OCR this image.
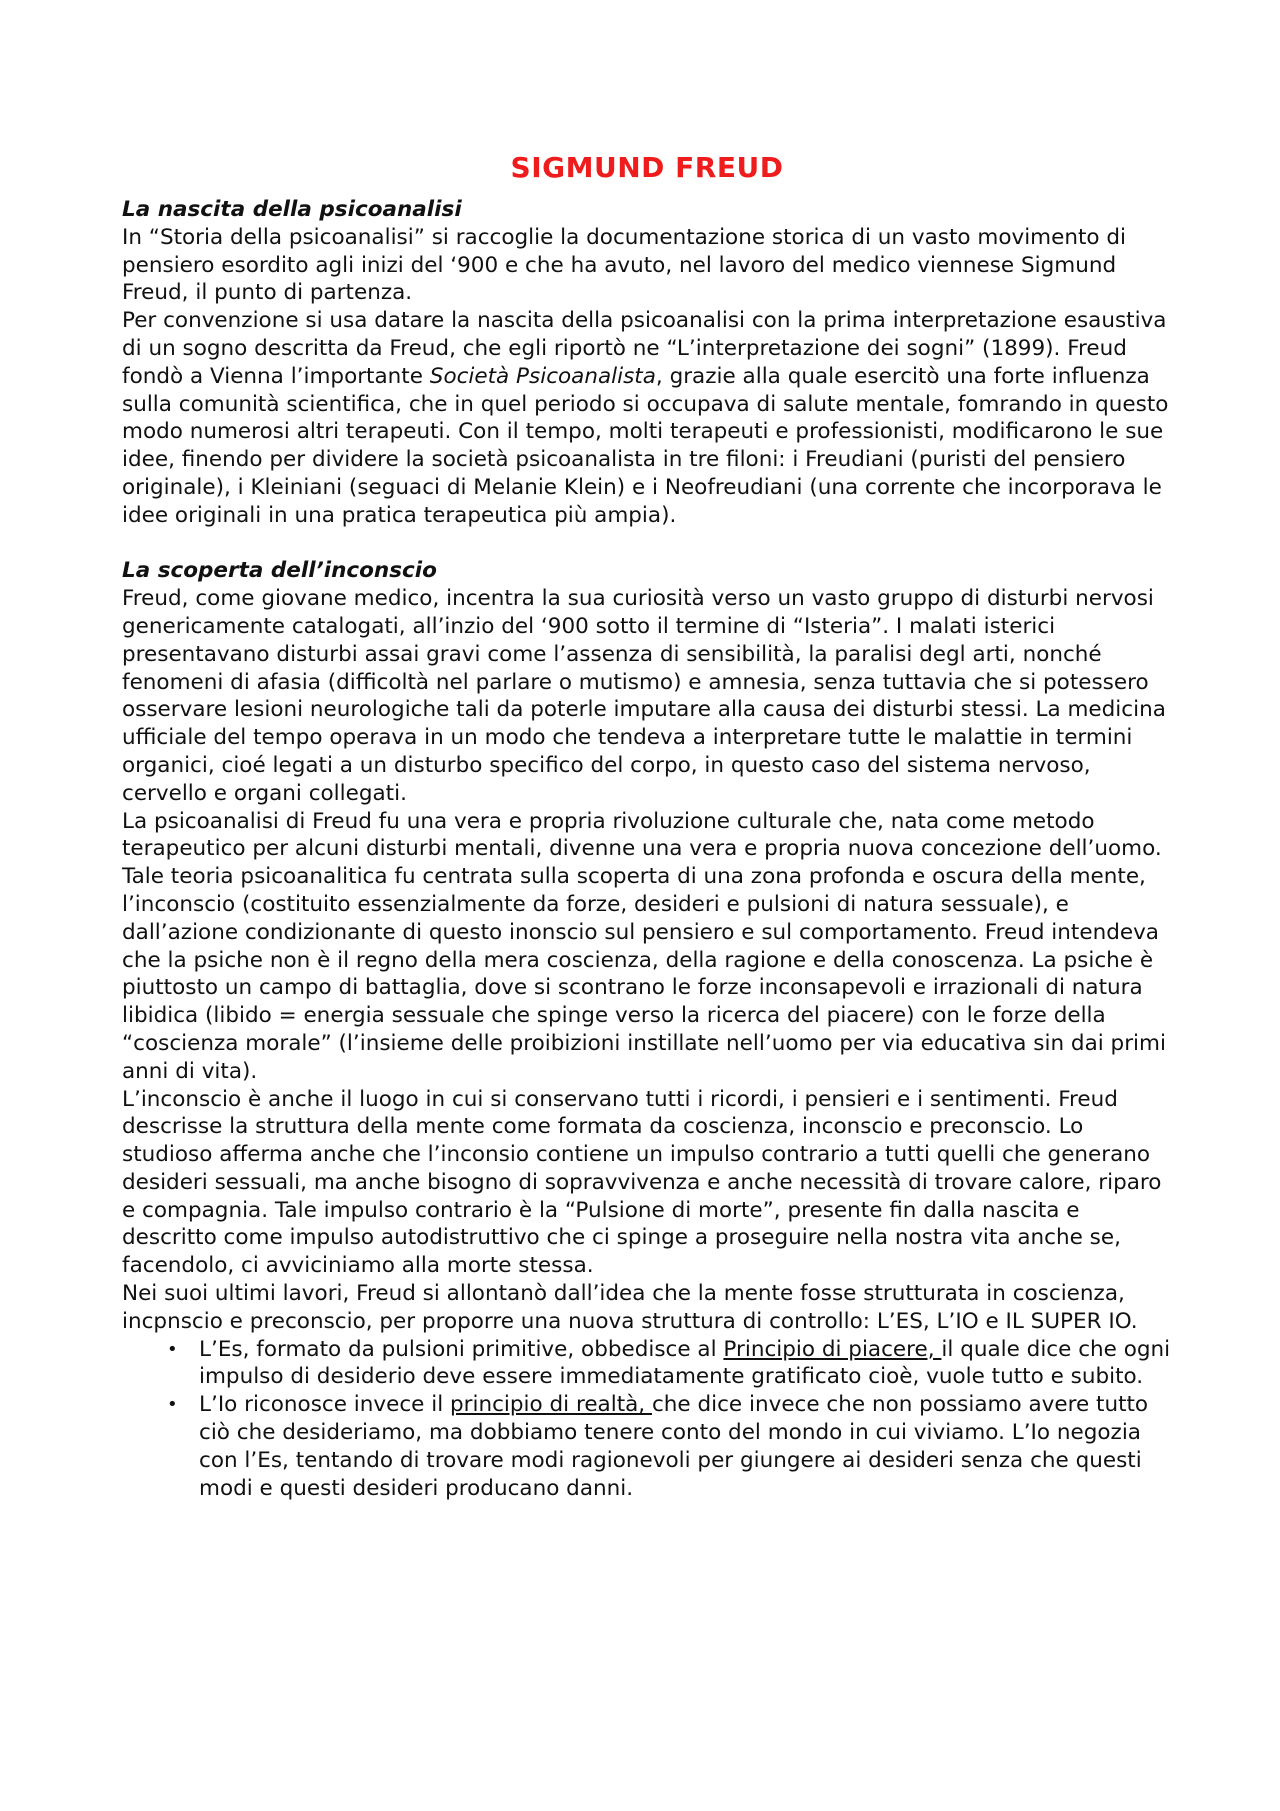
SIGMUND FREUD
La nascita della psicoanalisi

In “Storia della psicoanalisi” si raccoglie la documentazione storica di un vasto movimento di pensiero esordito agli inizi del ‘900 e che ha avuto, nel lavoro del medico viennese Sigmund Freud, il punto di partenza.

Per convenzione si usa datare la nascita della psicoanalisi con la prima interpretazione esaustiva di un sogno descritta da Freud, che egli riportò ne “L’interpretazione dei sogni” (1899). Freud fondò a Vienna l’importante Società Psicoanalista, grazie alla quale esercitò una forte influenza sulla comunità scientifica, che in quel periodo si occupava di salute mentale, fomrando in questo modo numerosi altri terapeuti. Con il tempo, molti terapeuti e professionisti, modificarono le sue idee, finendo per dividere la società psicoanalista in tre filoni: i Freudiani (puristi del pensiero originale), i Kleiniani (seguaci di Melanie Klein) e i Neofreudiani (una corrente che incorporava le idee originali in una pratica terapeutica più ampia).

La scoperta dell’inconscio

Freud, come giovane medico, incentra la sua curiosità verso un vasto gruppo di disturbi nervosi genericamente catalogati, all’inzio del ‘900 sotto il termine di “Isteria”. I malati isterici presentavano disturbi assai gravi come l’assenza di sensibilità, la paralisi degl arti, nonché fenomeni di afasia (difficoltà nel parlare o mutismo) e amnesia, senza tuttavia che si potessero osservare lesioni neurologiche tali da poterle imputare alla causa dei disturbi stessi. La medicina ufficiale del tempo operava in un modo che tendeva a interpretare tutte le malattie in termini organici, cioé legati a un disturbo specifico del corpo, in questo caso del sistema nervoso, cervello e organi collegati.

La psicoanalisi di Freud fu una vera e propria rivoluzione culturale che, nata come metodo terapeutico per alcuni disturbi mentali, divenne una vera e propria nuova concezione dell’uomo. Tale teoria psicoanalitica fu centrata sulla scoperta di una zona profonda e oscura della mente, l’inconscio (costituito essenzialmente da forze, desideri e pulsioni di natura sessuale), e dall’azione condizionante di questo inonscio sul pensiero e sul comportamento. Freud intendeva che la psiche non è il regno della mera coscienza, della ragione e della conoscenza. La psiche è piuttosto un campo di battaglia, dove si scontrano le forze inconsapevoli e irrazionali di natura libidica (libido = energia sessuale che spinge verso la ricerca del piacere) con le forze della “coscienza morale” (l’insieme delle proibizioni instillate nell’uomo per via educativa sin dai primi anni di vita).

L’inconscio è anche il luogo in cui si conservano tutti i ricordi, i pensieri e i sentimenti. Freud descrisse la struttura della mente come formata da coscienza, inconscio e preconscio. Lo studioso afferma anche che l’inconsio contiene un impulso contrario a tutti quelli che generano desideri sessuali, ma anche bisogno di sopravvivenza e anche necessità di trovare calore, riparo e compagnia. Tale impulso contrario è la “Pulsione di morte”, presente fin dalla nascita e descritto come impulso autodistruttivo che ci spinge a proseguire nella nostra vita anche se, facendolo, ci avviciniamo alla morte stessa.

Nei suoi ultimi lavori, Freud si allontanò dall’idea che la mente fosse strutturata in coscienza, incpnscio e preconscio, per proporre una nuova struttura di controllo: L’ES, L’IO e IL SUPER IO.

• L’Es, formato da pulsioni primitive, obbedisce al Principio di piacere, il quale dice che ogni impulso di desiderio deve essere immediatamente gratificato cioè, vuole tutto e subito.
• L’Io riconosce invece il principio di realtà, che dice invece che non possiamo avere tutto ciò che desideriamo, ma dobbiamo tenere conto del mondo in cui viviamo. L’Io negozia con l’Es, tentando di trovare modi ragionevoli per giungere ai desideri senza che questi modi e questi desideri producano danni.
